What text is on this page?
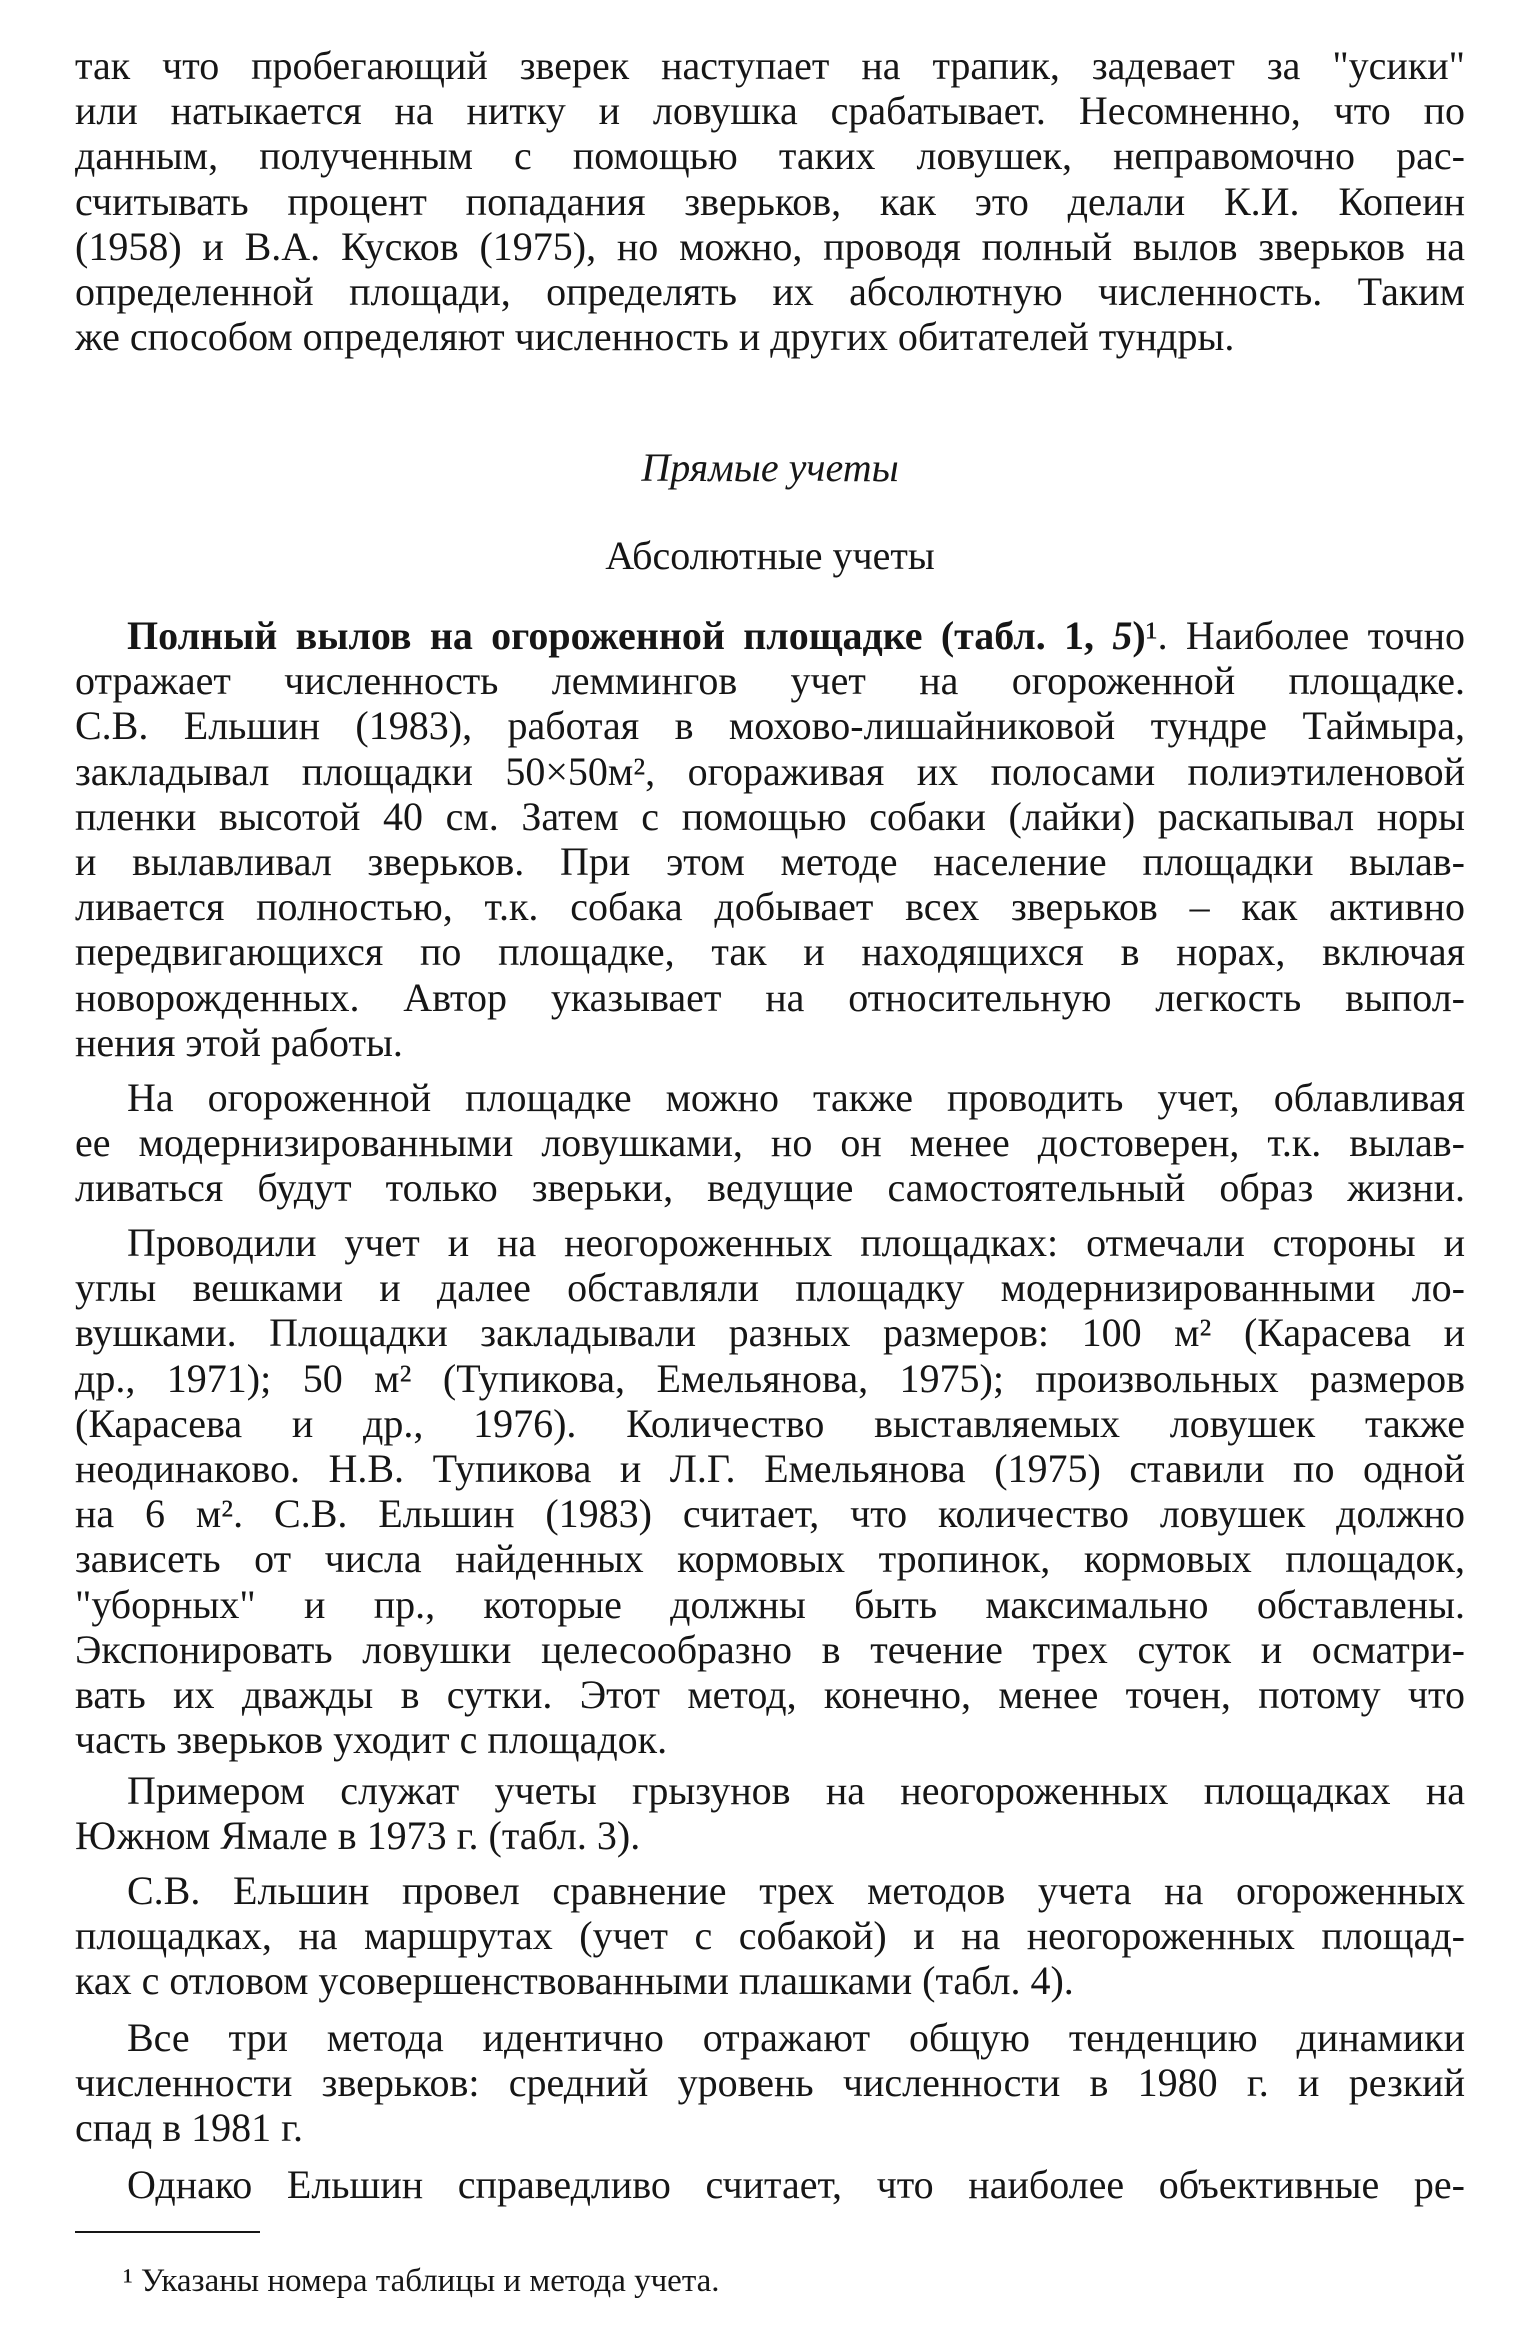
так что пробегающий зверек наступает на трапик, задевает за "усики"
или натыкается на нитку и ловушка срабатывает. Несомненно, что по
данным, полученным с помощью таких ловушек, неправомочно рас-
считывать процент попадания зверьков, как это делали К.И. Копеин
(1958) и В.А. Кусков (1975), но можно, проводя полный вылов зверьков на
определенной площади, определять их абсолютную численность. Таким
же способом определяют численность и других обитателей тундры.
Прямые учеты
Абсолютные учеты
Полный вылов на огороженной площадке (табл. 1, 5)¹. Наиболее точно
отражает численность леммингов учет на огороженной площадке.
С.В. Ельшин (1983), работая в мохово-лишайниковой тундре Таймыра,
закладывал площадки 50×50м², огораживая их полосами полиэтиленовой
пленки высотой 40 см. Затем с помощью собаки (лайки) раскапывал норы
и вылавливал зверьков. При этом методе население площадки вылав-
ливается полностью, т.к. собака добывает всех зверьков – как активно
передвигающихся по площадке, так и находящихся в норах, включая
новорожденных. Автор указывает на относительную легкость выпол-
нения этой работы.
На огороженной площадке можно также проводить учет, облавливая
ее модернизированными ловушками, но он менее достоверен, т.к. вылав-
ливаться будут только зверьки, ведущие самостоятельный образ жизни.
Проводили учет и на неогороженных площадках: отмечали стороны и
углы вешками и далее обставляли площадку модернизированными ло-
вушками. Площадки закладывали разных размеров: 100 м² (Карасева и
др., 1971); 50 м² (Тупикова, Емельянова, 1975); произвольных размеров
(Карасева и др., 1976). Количество выставляемых ловушек также
неодинаково. Н.В. Тупикова и Л.Г. Емельянова (1975) ставили по одной
на 6 м². С.В. Ельшин (1983) считает, что количество ловушек должно
зависеть от числа найденных кормовых тропинок, кормовых площадок,
"уборных" и пр., которые должны быть максимально обставлены.
Экспонировать ловушки целесообразно в течение трех суток и осматри-
вать их дважды в сутки. Этот метод, конечно, менее точен, потому что
часть зверьков уходит с площадок.
Примером служат учеты грызунов на неогороженных площадках на
Южном Ямале в 1973 г. (табл. 3).
С.В. Ельшин провел сравнение трех методов учета на огороженных
площадках, на маршрутах (учет с собакой) и на неогороженных площад-
ках с отловом усовершенствованными плашками (табл. 4).
Все три метода идентично отражают общую тенденцию динамики
численности зверьков: средний уровень численности в 1980 г. и резкий
спад в 1981 г.
Однако Ельшин справедливо считает, что наиболее объективные ре-
¹ Указаны номера таблицы и метода учета.
